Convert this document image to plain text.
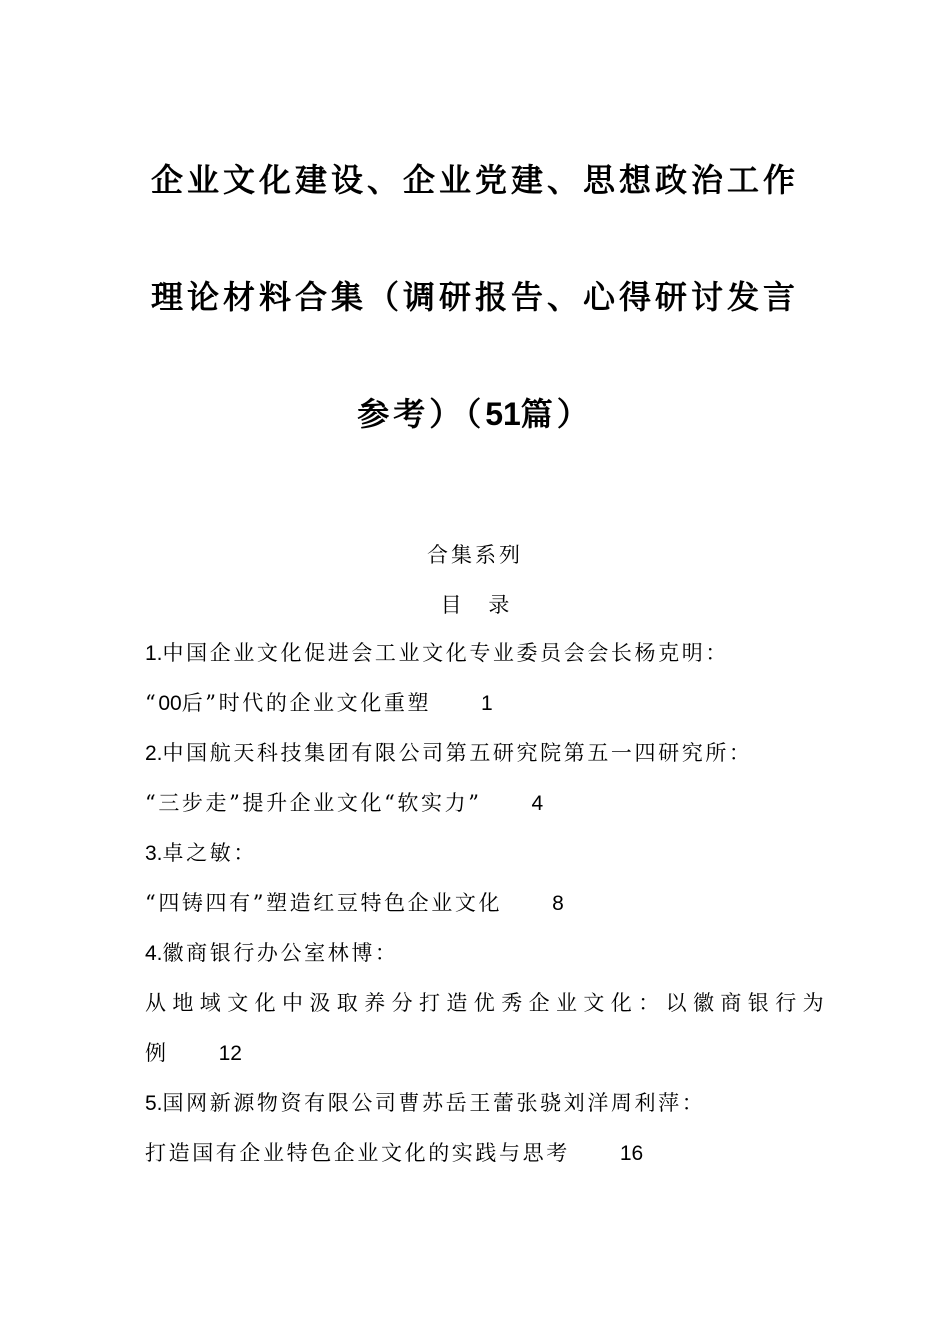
企业文化建设、企业党建、思想政治工作
理论材料合集（调研报告、心得研讨发言
参考）（51篇）
合集系列
目    录
1.中国企业文化促进会工业文化专业委员会会长杨克明：
“00后”时代的企业文化重塑 1
2.中国航天科技集团有限公司第五研究院第五一四研究所：
“三步走”提升企业文化“软实力” 4
3.卓之敏：
“四铸四有”塑造红豆特色企业文化 8
4.徽商银行办公室林博：
从地域文化中汲取养分打造优秀企业文化：以徽商银行为
例 12
5.国网新源物资有限公司曹苏岳王蕾张骁刘洋周利萍：
打造国有企业特色企业文化的实践与思考 16
